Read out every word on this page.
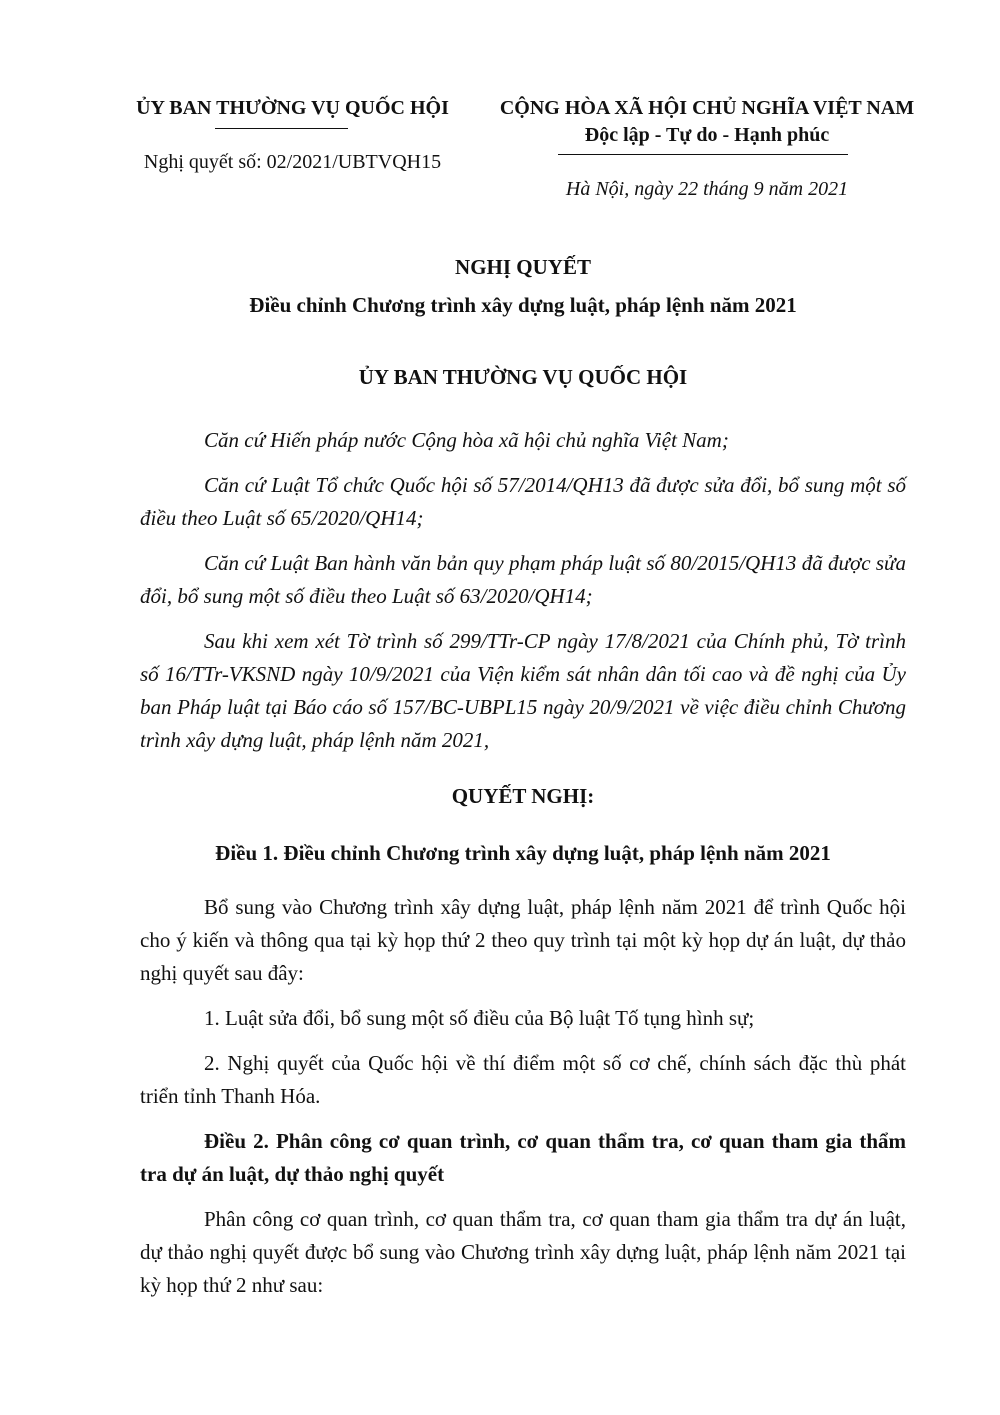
ỦY BAN THƯỜNG VỤ QUỐC HỘI
Nghị quyết số: 02/2021/UBTVQH15
CỘNG HÒA XÃ HỘI CHỦ NGHĨA VIỆT NAM
Độc lập - Tự do - Hạnh phúc
Hà Nội, ngày 22 tháng 9 năm 2021
NGHỊ QUYẾT
Điều chỉnh Chương trình xây dựng luật, pháp lệnh năm 2021
ỦY BAN THƯỜNG VỤ QUỐC HỘI

Căn cứ Hiến pháp nước Cộng hòa xã hội chủ nghĩa Việt Nam;

Căn cứ Luật Tổ chức Quốc hội số 57/2014/QH13 đã được sửa đổi, bổ sung một số điều theo Luật số 65/2020/QH14;

Căn cứ Luật Ban hành văn bản quy phạm pháp luật số 80/2015/QH13 đã được sửa đổi, bổ sung một số điều theo Luật số 63/2020/QH14;

Sau khi xem xét Tờ trình số 299/TTr-CP ngày 17/8/2021 của Chính phủ, Tờ trình số 16/TTr-VKSND ngày 10/9/2021 của Viện kiểm sát nhân dân tối cao và đề nghị của Ủy ban Pháp luật tại Báo cáo số 157/BC-UBPL15 ngày 20/9/2021 về việc điều chỉnh Chương trình xây dựng luật, pháp lệnh năm 2021,

QUYẾT NGHỊ:
Điều 1. Điều chỉnh Chương trình xây dựng luật, pháp lệnh năm 2021

Bổ sung vào Chương trình xây dựng luật, pháp lệnh năm 2021 để trình Quốc hội cho ý kiến và thông qua tại kỳ họp thứ 2 theo quy trình tại một kỳ họp dự án luật, dự thảo nghị quyết sau đây:

1. Luật sửa đổi, bổ sung một số điều của Bộ luật Tố tụng hình sự;

2. Nghị quyết của Quốc hội về thí điểm một số cơ chế, chính sách đặc thù phát triển tỉnh Thanh Hóa.

Điều 2. Phân công cơ quan trình, cơ quan thẩm tra, cơ quan tham gia thẩm tra dự án luật, dự thảo nghị quyết

Phân công cơ quan trình, cơ quan thẩm tra, cơ quan tham gia thẩm tra dự án luật, dự thảo nghị quyết được bổ sung vào Chương trình xây dựng luật, pháp lệnh năm 2021 tại kỳ họp thứ 2 như sau:
